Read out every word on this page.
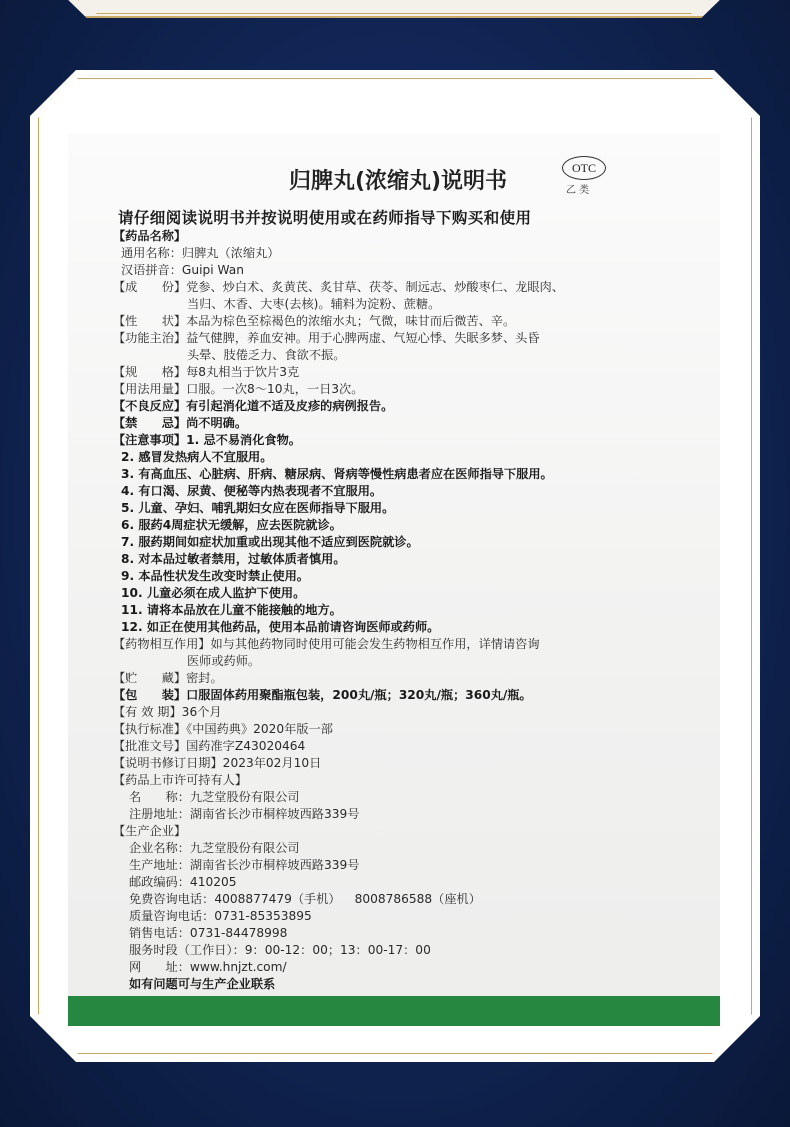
归脾丸(浓缩丸)说明书
OTC
乙 类
请仔细阅读说明书并按说明使用或在药师指导下购买和使用
【药品名称】
通用名称：归脾丸（浓缩丸）
汉语拼音：Guipi Wan
【成　　份】党参、炒白术、炙黄芪、炙甘草、茯苓、制远志、炒酸枣仁、龙眼肉、
当归、木香、大枣(去核)。辅料为淀粉、蔗糖。
【性　　状】本品为棕色至棕褐色的浓缩水丸；气微，味甘而后微苦、辛。
【功能主治】益气健脾，养血安神。用于心脾两虚、气短心悸、失眠多梦、头昏
头晕、肢倦乏力、食欲不振。
【规　　格】每8丸相当于饮片3克
【用法用量】口服。一次8～10丸，一日3次。
【不良反应】有引起消化道不适及皮疹的病例报告。
【禁　　忌】尚不明确。
【注意事项】1. 忌不易消化食物。
2. 感冒发热病人不宜服用。
3. 有高血压、心脏病、肝病、糖尿病、肾病等慢性病患者应在医师指导下服用。
4. 有口渴、尿黄、便秘等内热表现者不宜服用。
5. 儿童、孕妇、哺乳期妇女应在医师指导下服用。
6. 服药4周症状无缓解，应去医院就诊。
7. 服药期间如症状加重或出现其他不适应到医院就诊。
8. 对本品过敏者禁用，过敏体质者慎用。
9. 本品性状发生改变时禁止使用。
10. 儿童必须在成人监护下使用。
11. 请将本品放在儿童不能接触的地方。
12. 如正在使用其他药品，使用本品前请咨询医师或药师。
【药物相互作用】如与其他药物同时使用可能会发生药物相互作用，详情请咨询
医师或药师。
【贮　　藏】密封。
【包　　装】口服固体药用聚酯瓶包装，200丸/瓶；320丸/瓶；360丸/瓶。
【有 效 期】36个月
【执行标准】《中国药典》2020年版一部
【批准文号】国药准字Z43020464
【说明书修订日期】2023年02月10日
【药品上市许可持有人】
名　　称：九芝堂股份有限公司
注册地址：湖南省长沙市桐梓坡西路339号
【生产企业】
企业名称：九芝堂股份有限公司
生产地址：湖南省长沙市桐梓坡西路339号
邮政编码：410205
免费咨询电话：4008877479（手机） 8008786588（座机）
质量咨询电话：0731-85353895
销售电话：0731-84478998
服务时段（工作日）：9：00-12：00；13：00-17：00
网　　址：www.hnjzt.com/
如有问题可与生产企业联系
